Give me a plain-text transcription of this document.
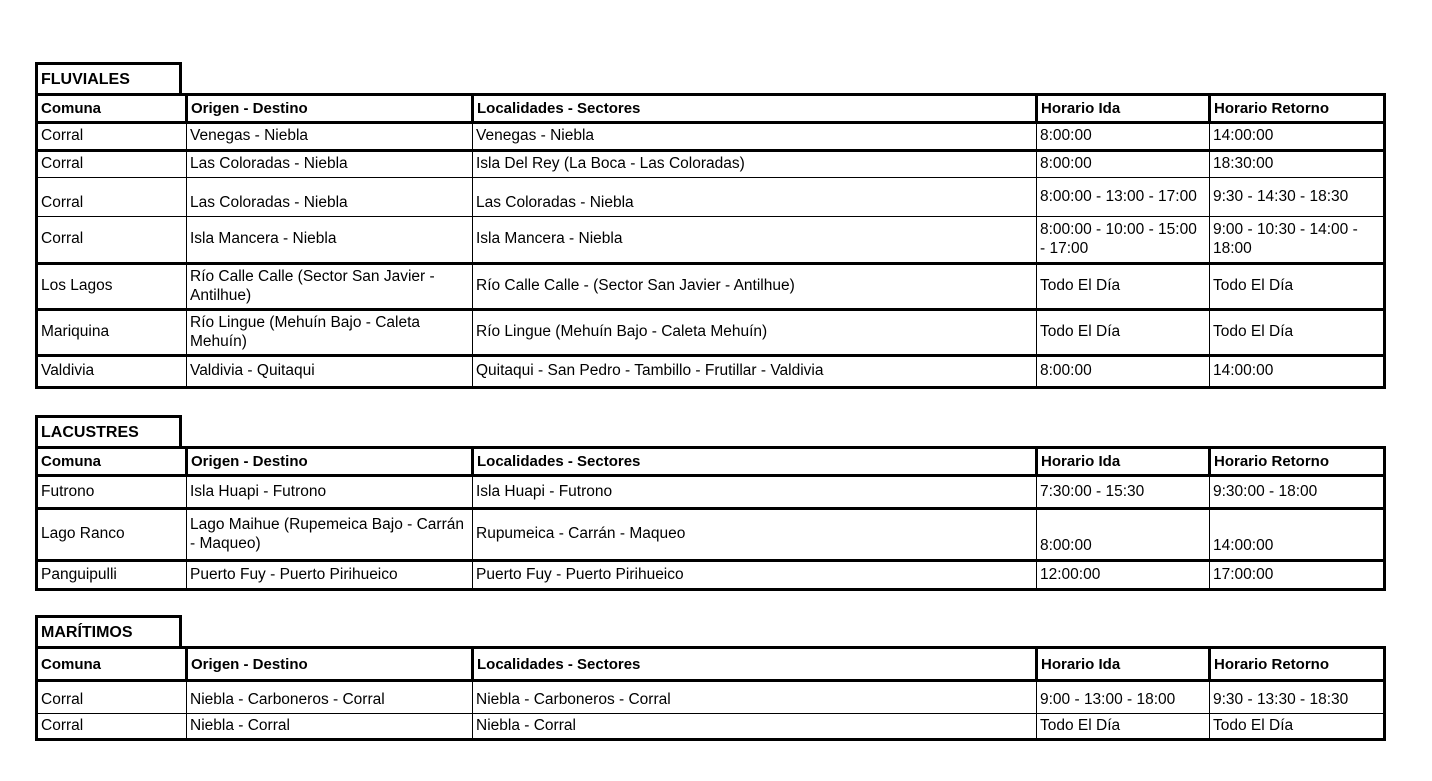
FLUVIALES
Comuna	Origen - Destino	Localidades - Sectores	Horario Ida	Horario Retorno
Corral	Venegas - Niebla	Venegas - Niebla	8:00:00	14:00:00
Corral	Las Coloradas - Niebla	Isla Del Rey (La Boca - Las Coloradas)	8:00:00	18:30:00
Corral	Las Coloradas - Niebla	Las Coloradas - Niebla	8:00:00 - 13:00 - 17:00	9:30 - 14:30 - 18:30
Corral	Isla Mancera - Niebla	Isla Mancera - Niebla	8:00:00 - 10:00 - 15:00 - 17:00	9:00 - 10:30 - 14:00 - 18:00
Los Lagos	Río Calle Calle (Sector San Javier - Antilhue)	Río Calle Calle - (Sector San Javier - Antilhue)	Todo El Día	Todo El Día
Mariquina	Río Lingue (Mehuín Bajo - Caleta Mehuín)	Río Lingue (Mehuín Bajo - Caleta Mehuín)	Todo El Día	Todo El Día
Valdivia	Valdivia - Quitaqui	Quitaqui - San Pedro - Tambillo - Frutillar - Valdivia	8:00:00	14:00:00
LACUSTRES
Comuna	Origen - Destino	Localidades - Sectores	Horario Ida	Horario Retorno
Futrono	Isla Huapi - Futrono	Isla Huapi - Futrono	7:30:00 - 15:30	9:30:00 - 18:00
Lago Ranco	Lago Maihue (Rupemeica Bajo - Carrán - Maqueo)	Rupumeica - Carrán - Maqueo	8:00:00	14:00:00
Panguipulli	Puerto Fuy - Puerto Pirihueico	Puerto Fuy - Puerto Pirihueico	12:00:00	17:00:00
MARÍTIMOS
Comuna	Origen - Destino	Localidades - Sectores	Horario Ida	Horario Retorno
Corral	Niebla - Carboneros - Corral	Niebla - Carboneros - Corral	9:00 - 13:00 - 18:00	9:30 - 13:30 - 18:30
Corral	Niebla - Corral	Niebla - Corral	Todo El Día	Todo El Día
